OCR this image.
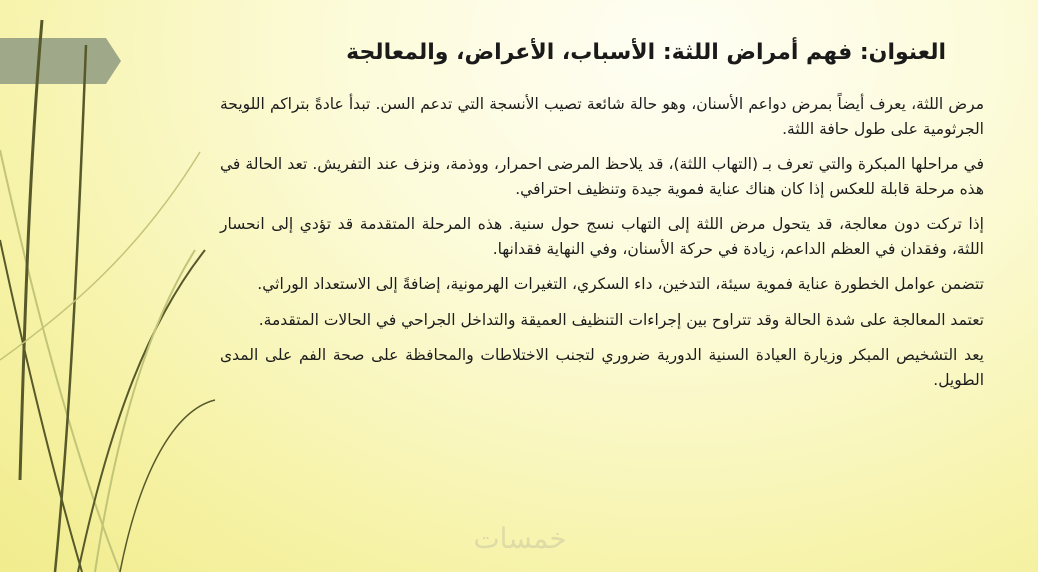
العنوان: فهم أمراض اللثة: الأسباب، الأعراض، والمعالجة

مرض اللثة، يعرف أيضاً بمرض دواعم الأسنان، وهو حالة شائعة تصيب الأنسجة التي تدعم السن. تبدأ عادةً بتراكم اللويحة الجرثومية على طول حافة اللثة.

في مراحلها المبكرة والتي تعرف بـ (التهاب اللثة)، قد يلاحظ المرضى احمرار، ووذمة، ونزف عند التفريش. تعد الحالة في هذه مرحلة قابلة للعكس إذا كان هناك عناية فموية جيدة وتنظيف احترافي.

إذا تركت دون معالجة، قد يتحول مرض اللثة إلى التهاب نسج حول سنية. هذه المرحلة المتقدمة قد تؤدي إلى انحسار اللثة، وفقدان في العظم الداعم، زيادة في حركة الأسنان، وفي النهاية فقدانها.

تتضمن عوامل الخطورة عناية فموية سيئة، التدخين، داء السكري، التغيرات الهرمونية، إضافةً إلى الاستعداد الوراثي.

تعتمد المعالجة على شدة الحالة وقد تتراوح بين إجراءات التنظيف العميقة والتداخل الجراحي في الحالات المتقدمة.

يعد التشخيص المبكر وزيارة العيادة السنية الدورية ضروري لتجنب الاختلاطات والمحافظة على صحة الفم على المدى الطويل.

خمسات
